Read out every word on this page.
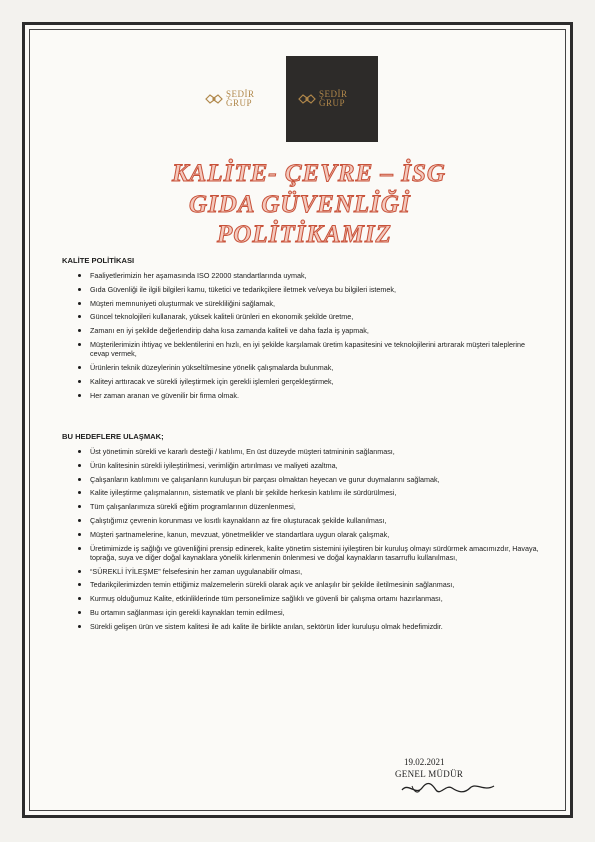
ŞEDİR
GRUP
ŞEDİR
GRUP
KALİTE- ÇEVRE – İSG
GIDA GÜVENLİĞİ
POLİTİKAMIZ
KALİTE POLİTİKASI
Faaliyetlerimizin her aşamasında ISO 22000 standartlarında uymak,
Gıda Güvenliği ile ilgili bilgileri kamu, tüketici ve tedarikçilere iletmek ve/veya bu bilgileri istemek,
Müşteri memnuniyeti oluşturmak ve sürekliliğini sağlamak,
Güncel teknolojileri kullanarak, yüksek kaliteli ürünleri en ekonomik şekilde üretme,
Zamanı en iyi şekilde değerlendirip daha kısa zamanda kaliteli ve daha fazla iş yapmak,
Müşterilerimizin ihtiyaç ve beklentilerini en hızlı, en iyi şekilde karşılamak üretim kapasitesini ve teknolojilerini artırarak müşteri taleplerine cevap vermek,
Ürünlerin teknik düzeylerinin yükseltilmesine yönelik çalışmalarda bulunmak,
Kaliteyi arttıracak ve sürekli iyileştirmek için gerekli işlemleri gerçekleştirmek,
Her zaman aranan ve güvenilir bir firma olmak.
BU HEDEFLERE ULAŞMAK;
Üst yönetimin sürekli ve kararlı desteği / katılımı, En üst düzeyde müşteri tatmininin sağlanması,
Ürün kalitesinin sürekli iyileştirilmesi, verimliğin artırılması ve maliyeti azaltma,
Çalışanların katılımını ve çalışanların kuruluşun bir parçası olmaktan heyecan ve gurur duymalarını sağlamak,
Kalite iyileştirme çalışmalarının, sistematik ve planlı bir şekilde herkesin katılımı ile sürdürülmesi,
Tüm çalışanlarımıza sürekli eğitim programlarının düzenlenmesi,
Çalıştığımız çevrenin korunması ve kısıtlı kaynakların az fire oluşturacak şekilde kullanılması,
Müşteri şartnamelerine, kanun, mevzuat, yönetmelikler ve standartlara uygun olarak çalışmak,
Üretimimizde iş sağlığı ve güvenliğini prensip edinerek, kalite yönetim sistemini iyileştiren bir kuruluş olmayı sürdürmek amacımızdır, Havaya, toprağa, suya ve diğer doğal kaynaklara yönelik kirlenmenin önlenmesi ve doğal kaynakların tasarruflu kullanılması,
“SÜREKLİ İYİLEŞME” felsefesinin her zaman uygulanabilir olması,
Tedarikçilerimizden temin ettiğimiz malzemelerin sürekli olarak açık ve anlaşılır bir şekilde iletilmesinin sağlanması,
Kurmuş olduğumuz Kalite, etkinliklerinde tüm personelimize sağlıklı ve güvenli bir çalışma ortamı hazırlanması,
Bu ortamın sağlanması için gerekli kaynakları temin edilmesi,
Sürekli gelişen ürün ve sistem kalitesi ile adı kalite ile birlikte anılan, sektörün lider kuruluşu olmak hedefimizdir.
19.02.2021
GENEL MÜDÜR
